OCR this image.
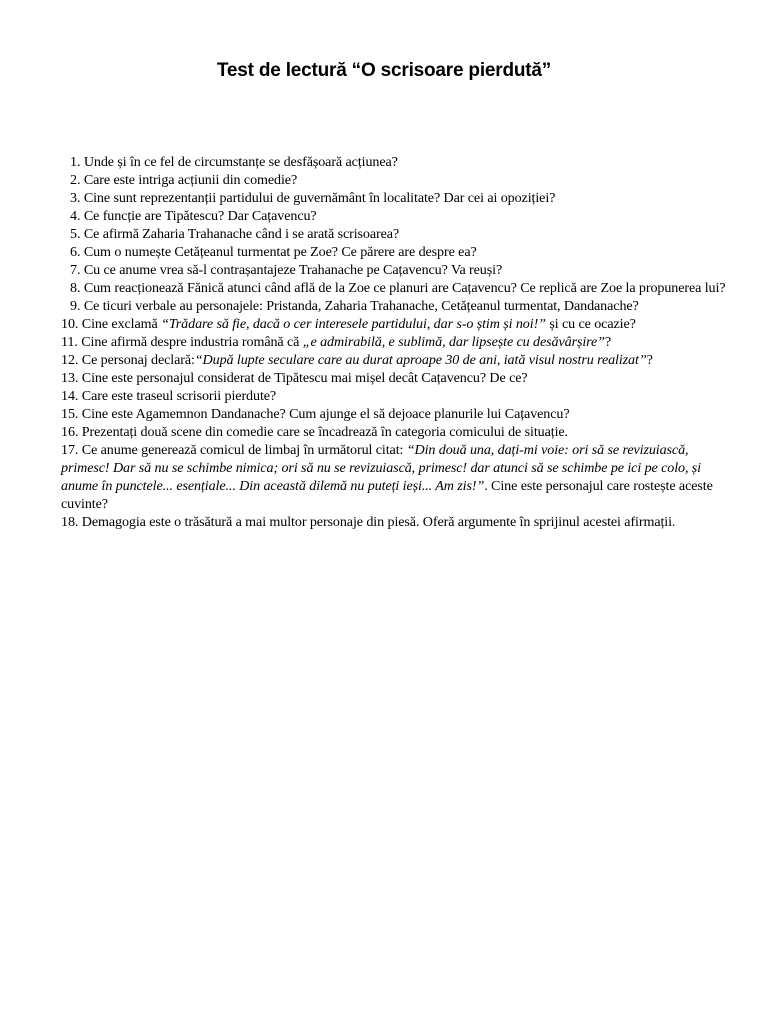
Test de lectură “O scrisoare pierdută”
1. Unde și în ce fel de circumstanțe se desfășoară acțiunea?
2. Care este intriga acțiunii din comedie?
3. Cine sunt reprezentanții partidului de guvernământ în localitate? Dar cei ai opoziției?
4. Ce funcție are Tipătescu? Dar Cațavencu?
5. Ce afirmă Zaharia Trahanache când i se arată scrisoarea?
6. Cum o numește Cetățeanul turmentat pe Zoe? Ce părere are despre ea?
7. Cu ce anume vrea să-l contrașantajeze Trahanache pe Cațavencu? Va reuși?
8. Cum reacționează Fănică atunci când află de la Zoe ce planuri are Cațavencu? Ce replică are Zoe la propunerea lui?
9. Ce ticuri verbale au personajele: Pristanda, Zaharia Trahanache, Cetățeanul turmentat, Dandanache?
10. Cine exclamă “Trădare să fie, dacă o cer interesele partidului, dar s-o știm și noi!” și cu ce ocazie?
11. Cine afirmă despre industria română că „e admirabilă, e sublimă, dar lipsește cu desăvârșire”?
12. Ce personaj declară:“După lupte seculare care au durat aproape 30 de ani, iată visul nostru realizat”?
13. Cine este personajul considerat de Tipătescu mai mișel decât Cațavencu? De ce?
14. Care este traseul scrisorii pierdute?
15. Cine este Agamemnon Dandanache? Cum ajunge el să dejoace planurile lui Cațavencu?
16. Prezentați două scene din comedie care se încadrează în categoria comicului de situație.
17. Ce anume generează comicul de limbaj în următorul citat: “Din două una, dați-mi voie: ori să se revizuiască, primesc! Dar să nu se schimbe nimica; ori să nu se revizuiască, primesc! dar atunci să se schimbe pe ici pe colo, și anume în punctele... esențiale... Din această dilemă nu puteți ieși... Am zis!”. Cine este personajul care rostește aceste cuvinte?
18. Demagogia este o trăsătură a mai multor personaje din piesă. Oferă argumente în sprijinul acestei afirmații.
